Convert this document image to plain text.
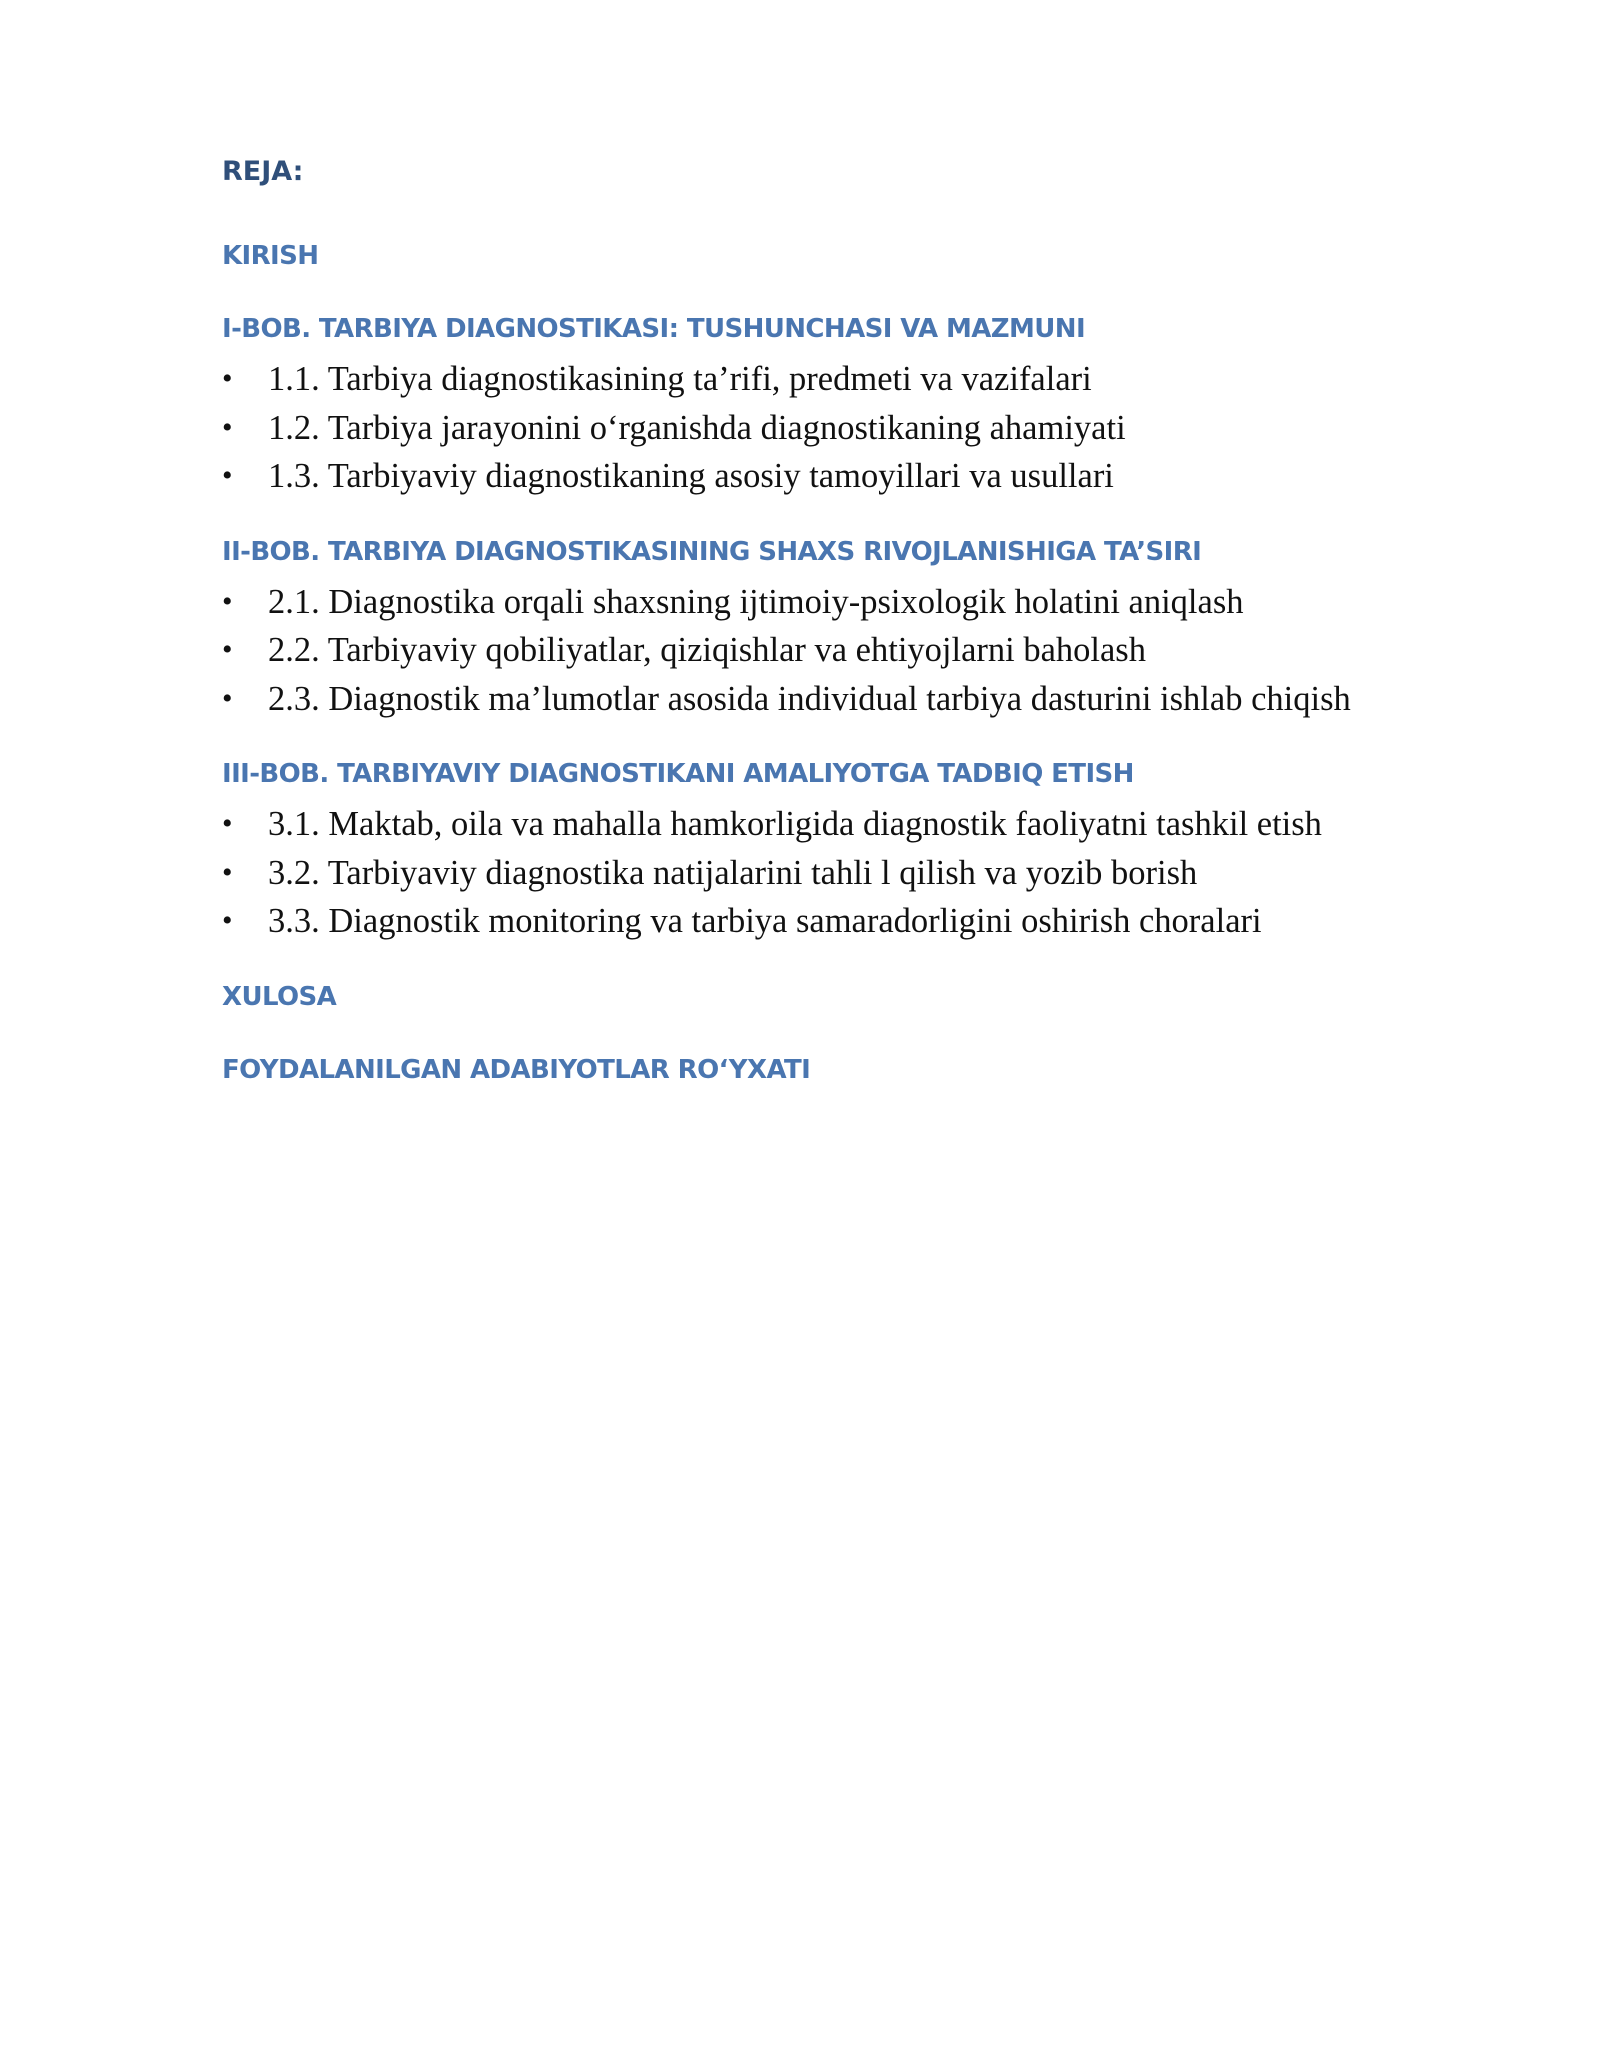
REJA:
KIRISH
I-BOB. TARBIYA DIAGNOSTIKASI: TUSHUNCHASI VA MAZMUNI
• 1.1. Tarbiya diagnostikasining ta’rifi, predmeti va vazifalari
• 1.2. Tarbiya jarayonini o‘rganishda diagnostikaning ahamiyati
• 1.3. Tarbiyaviy diagnostikaning asosiy tamoyillari va usullari
II-BOB. TARBIYA DIAGNOSTIKASINING SHAXS RIVOJLANISHIGA TA’SIRI
• 2.1. Diagnostika orqali shaxsning ijtimoiy-psixologik holatini aniqlash
• 2.2. Tarbiyaviy qobiliyatlar, qiziqishlar va ehtiyojlarni baholash
• 2.3. Diagnostik ma’lumotlar asosida individual tarbiya dasturini ishlab chiqish
III-BOB. TARBIYAVIY DIAGNOSTIKANI AMALIYOTGA TADBIQ ETISH
• 3.1. Maktab, oila va mahalla hamkorligida diagnostik faoliyatni tashkil etish
• 3.2. Tarbiyaviy diagnostika natijalarini tahli l qilish va yozib borish
• 3.3. Diagnostik monitoring va tarbiya samaradorligini oshirish choralari
XULOSA
FOYDALANILGAN ADABIYOTLAR RO‘YXATI
